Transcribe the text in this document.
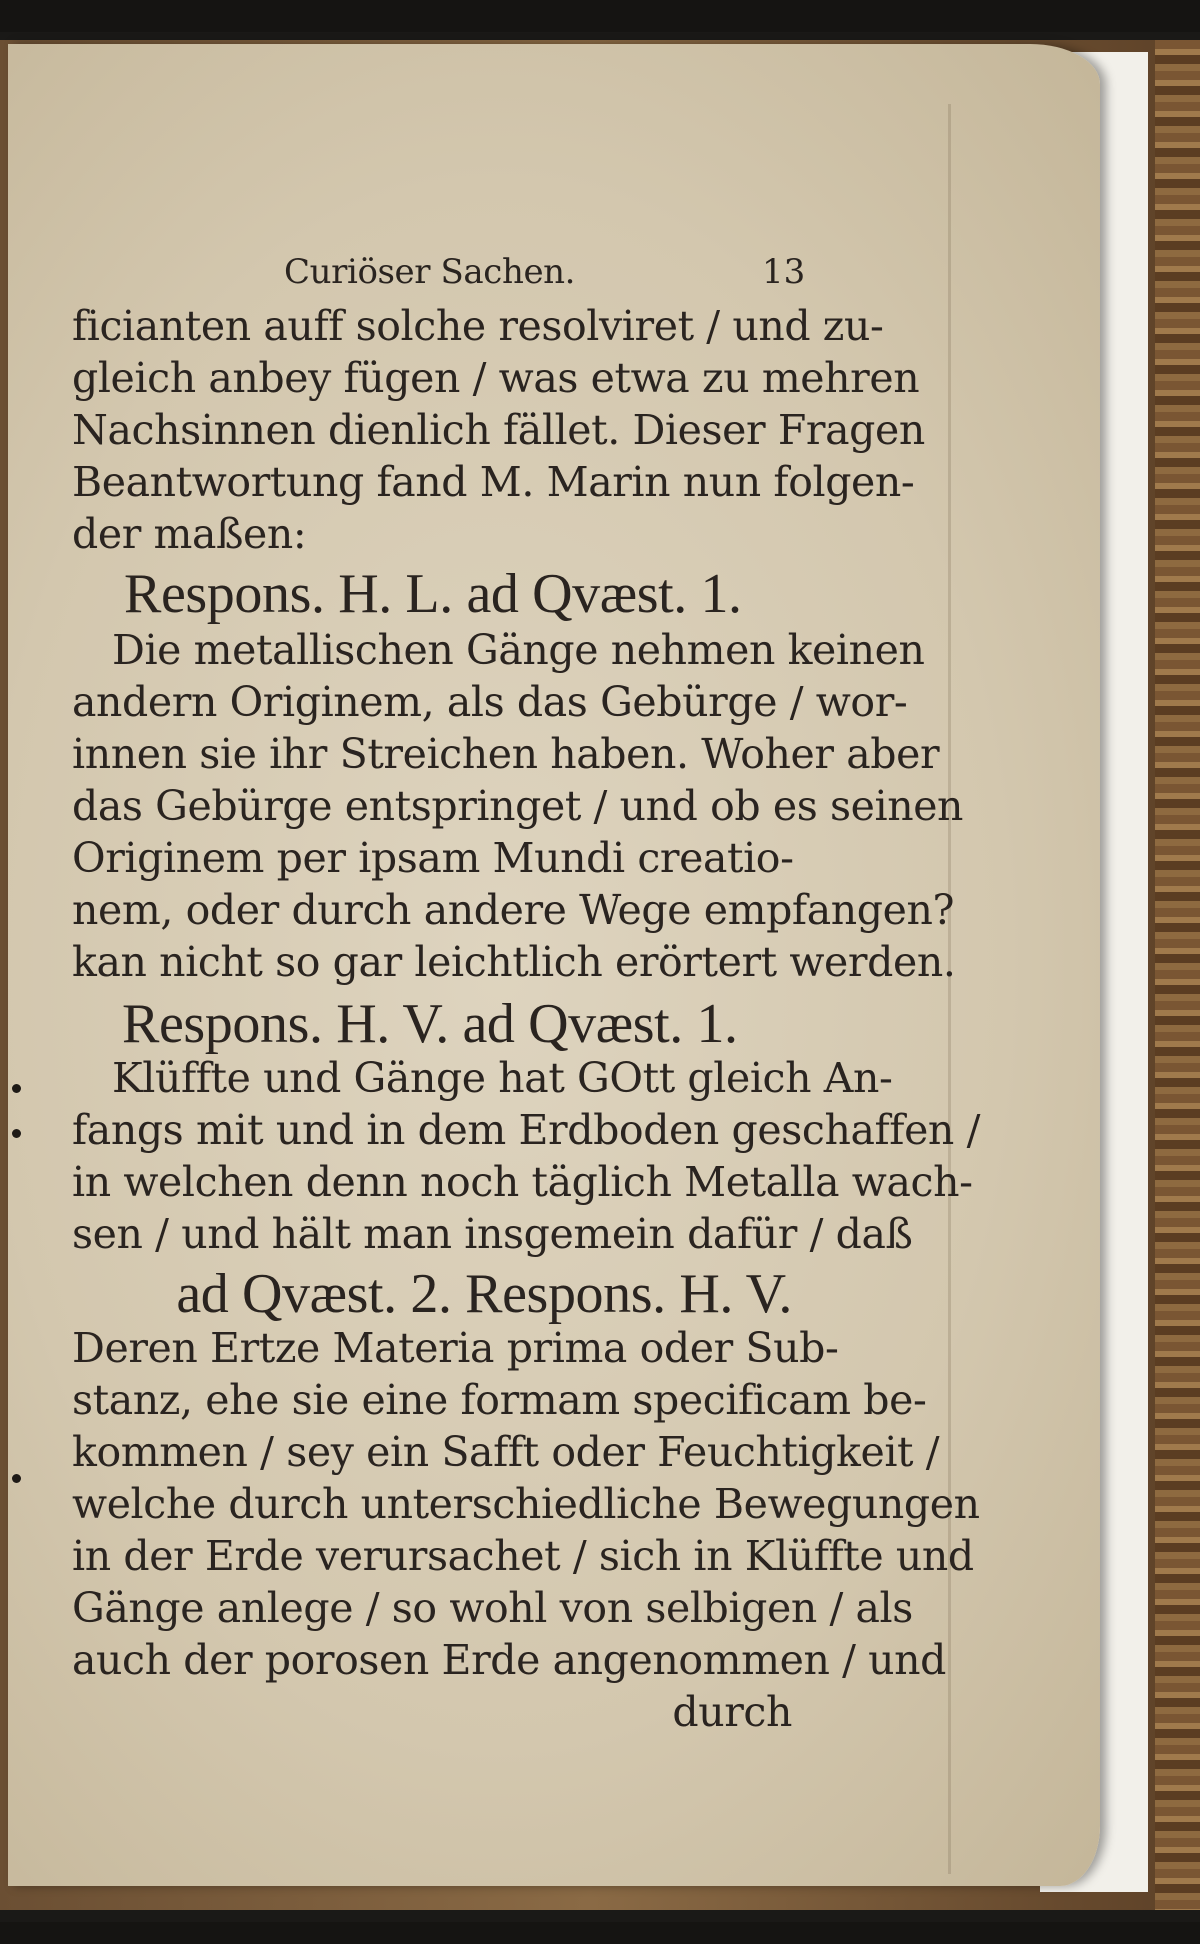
Curiöser Sachen.	13
ficianten auff solche resolviret / und zu-
gleich anbey fügen / was etwa zu mehren
Nachsinnen dienlich fället. Dieser Fragen
Beantwortung fand M. Marin nun folgen-
der maßen:
Respons. H. L. ad Qvæst. 1.
Die metallischen Gänge nehmen keinen
andern Originem, als das Gebürge / wor-
innen sie ihr Streichen haben. Woher aber
das Gebürge entspringet / und ob es seinen
Originem per ipsam Mundi creatio-
nem, oder durch andere Wege empfangen?
kan nicht so gar leichtlich erörtert werden.
Respons. H. V. ad Qvæst. 1.
Klüffte und Gänge hat GOtt gleich An-
fangs mit und in dem Erdboden geschaffen /
in welchen denn noch täglich Metalla wach-
sen / und hält man insgemein dafür / daß
ad Qvæst. 2. Respons. H. V.
Deren Ertze Materia prima oder Sub-
stanz, ehe sie eine formam specificam be-
kommen / sey ein Safft oder Feuchtigkeit /
welche durch unterschiedliche Bewegungen
in der Erde verursachet / sich in Klüffte und
Gänge anlege / so wohl von selbigen / als
auch der porosen Erde angenommen / und
durch
